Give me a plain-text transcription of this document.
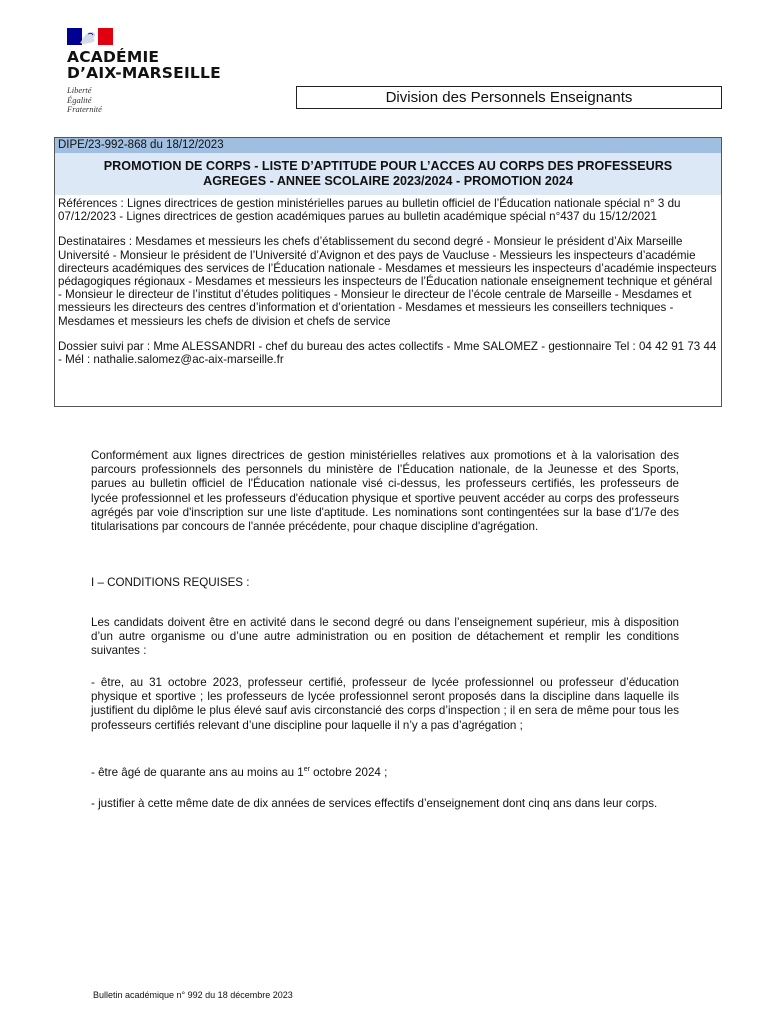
ACADÉMIE
D’AIX-MARSEILLE
Liberté
Égalité
Fraternité
Division des Personnels Enseignants
DIPE/23-992-868 du 18/12/2023
PROMOTION DE CORPS - LISTE D’APTITUDE POUR L’ACCES AU CORPS DES PROFESSEURS
AGREGES - ANNEE SCOLAIRE 2023/2024 - PROMOTION 2024

Références : Lignes directrices de gestion ministérielles parues au bulletin officiel de l’Éducation nationale spécial n° 3 du 07/12/2023 - Lignes directrices de gestion académiques parues au bulletin académique spécial n°437 du 15/12/2021

Destinataires : Mesdames et messieurs les chefs d’établissement du second degré - Monsieur le président d’Aix Marseille Université - Monsieur le président de l’Université d’Avignon et des pays de Vaucluse - Messieurs les inspecteurs d’académie directeurs académiques des services de l’Éducation nationale - Mesdames et messieurs les inspecteurs d’académie inspecteurs pédagogiques régionaux - Mesdames et messieurs les inspecteurs de l’Éducation nationale enseignement technique et général - Monsieur le directeur de l’institut d’études politiques - Monsieur le directeur de l’école centrale de Marseille - Mesdames et messieurs les directeurs des centres d’information et d’orientation - Mesdames et messieurs les conseillers techniques - Mesdames et messieurs les chefs de division et chefs de service

Dossier suivi par : Mme ALESSANDRI - chef du bureau des actes collectifs - Mme SALOMEZ - gestionnaire Tel : 04 42 91 73 44 - Mél : nathalie.salomez@ac-aix-marseille.fr

Conformément aux lignes directrices de gestion ministérielles relatives aux promotions et à la valorisation des parcours professionnels des personnels du ministère de l’Éducation nationale, de la Jeunesse et des Sports, parues au bulletin officiel de l'Éducation nationale visé ci-dessus, les professeurs certifiés, les professeurs de lycée professionnel et les professeurs d'éducation physique et sportive peuvent accéder au corps des professeurs agrégés par voie d'inscription sur une liste d'aptitude. Les nominations sont contingentées sur la base d'1/7e des titularisations par concours de l'année précédente, pour chaque discipline d'agrégation.

I – CONDITIONS REQUISES :

Les candidats doivent être en activité dans le second degré ou dans l’enseignement supérieur, mis à disposition d’un autre organisme ou d’une autre administration ou en position de détachement et remplir les conditions suivantes :

- être, au 31 octobre 2023, professeur certifié, professeur de lycée professionnel ou professeur d’éducation physique et sportive ; les professeurs de lycée professionnel seront proposés dans la discipline dans laquelle ils justifient du diplôme le plus élevé sauf avis circonstancié des corps d’inspection ; il en sera de même pour tous les professeurs certifiés relevant d’une discipline pour laquelle il n’y a pas d’agrégation ;

- être âgé de quarante ans au moins au 1er octobre 2024 ;

- justifier à cette même date de dix années de services effectifs d’enseignement dont cinq ans dans leur corps.

Bulletin académique n° 992 du 18 décembre 2023
